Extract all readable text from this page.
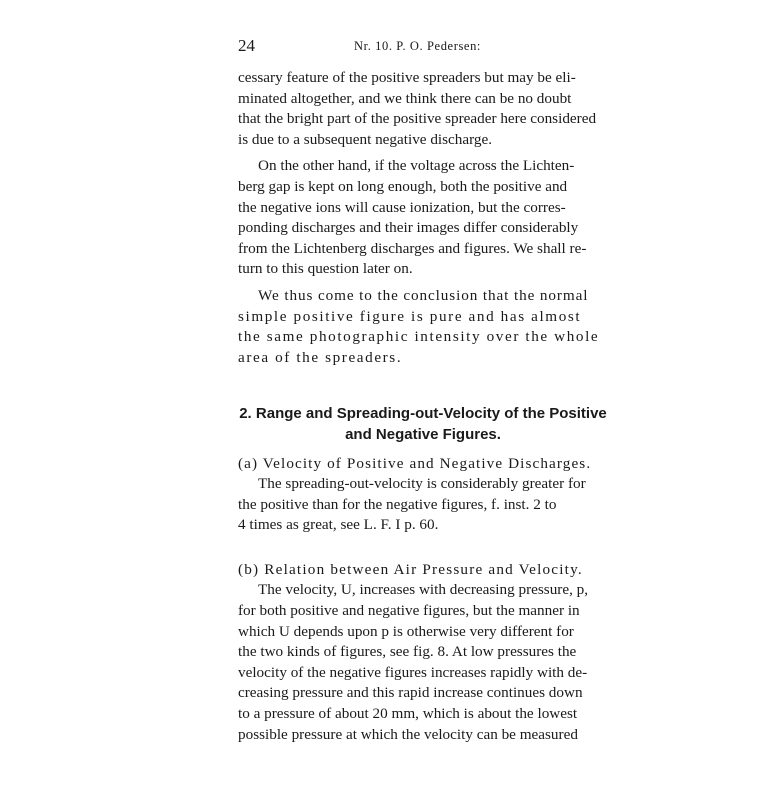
24	Nr. 10. P. O. Pedersen:

cessary feature of the positive spreaders but may be eli-
minated altogether, and we think there can be no doubt
that the bright part of the positive spreader here considered
is due to a subsequent negative discharge.

On the other hand, if the voltage across the Lichten-
berg gap is kept on long enough, both the positive and
the negative ions will cause ionization, but the corres-
ponding discharges and their images differ considerably
from the Lichtenberg discharges and figures. We shall re-
turn to this question later on.

We thus come to the conclusion that the normal
simple positive figure is pure and has almost
the same photographic intensity over the whole
area of the spreaders.

2. Range and Spreading-out-Velocity of the Positive
and Negative Figures.

(a) Velocity of Positive and Negative Discharges.

The spreading-out-velocity is considerably greater for
the positive than for the negative figures, f. inst. 2 to
4 times as great, see L. F. I p. 60.

(b) Relation between Air Pressure and Velocity.

The velocity, U, increases with decreasing pressure, p,
for both positive and negative figures, but the manner in
which U depends upon p is otherwise very different for
the two kinds of figures, see fig. 8. At low pressures the
velocity of the negative figures increases rapidly with de-
creasing pressure and this rapid increase continues down
to a pressure of about 20 mm, which is about the lowest
possible pressure at which the velocity can be measured
